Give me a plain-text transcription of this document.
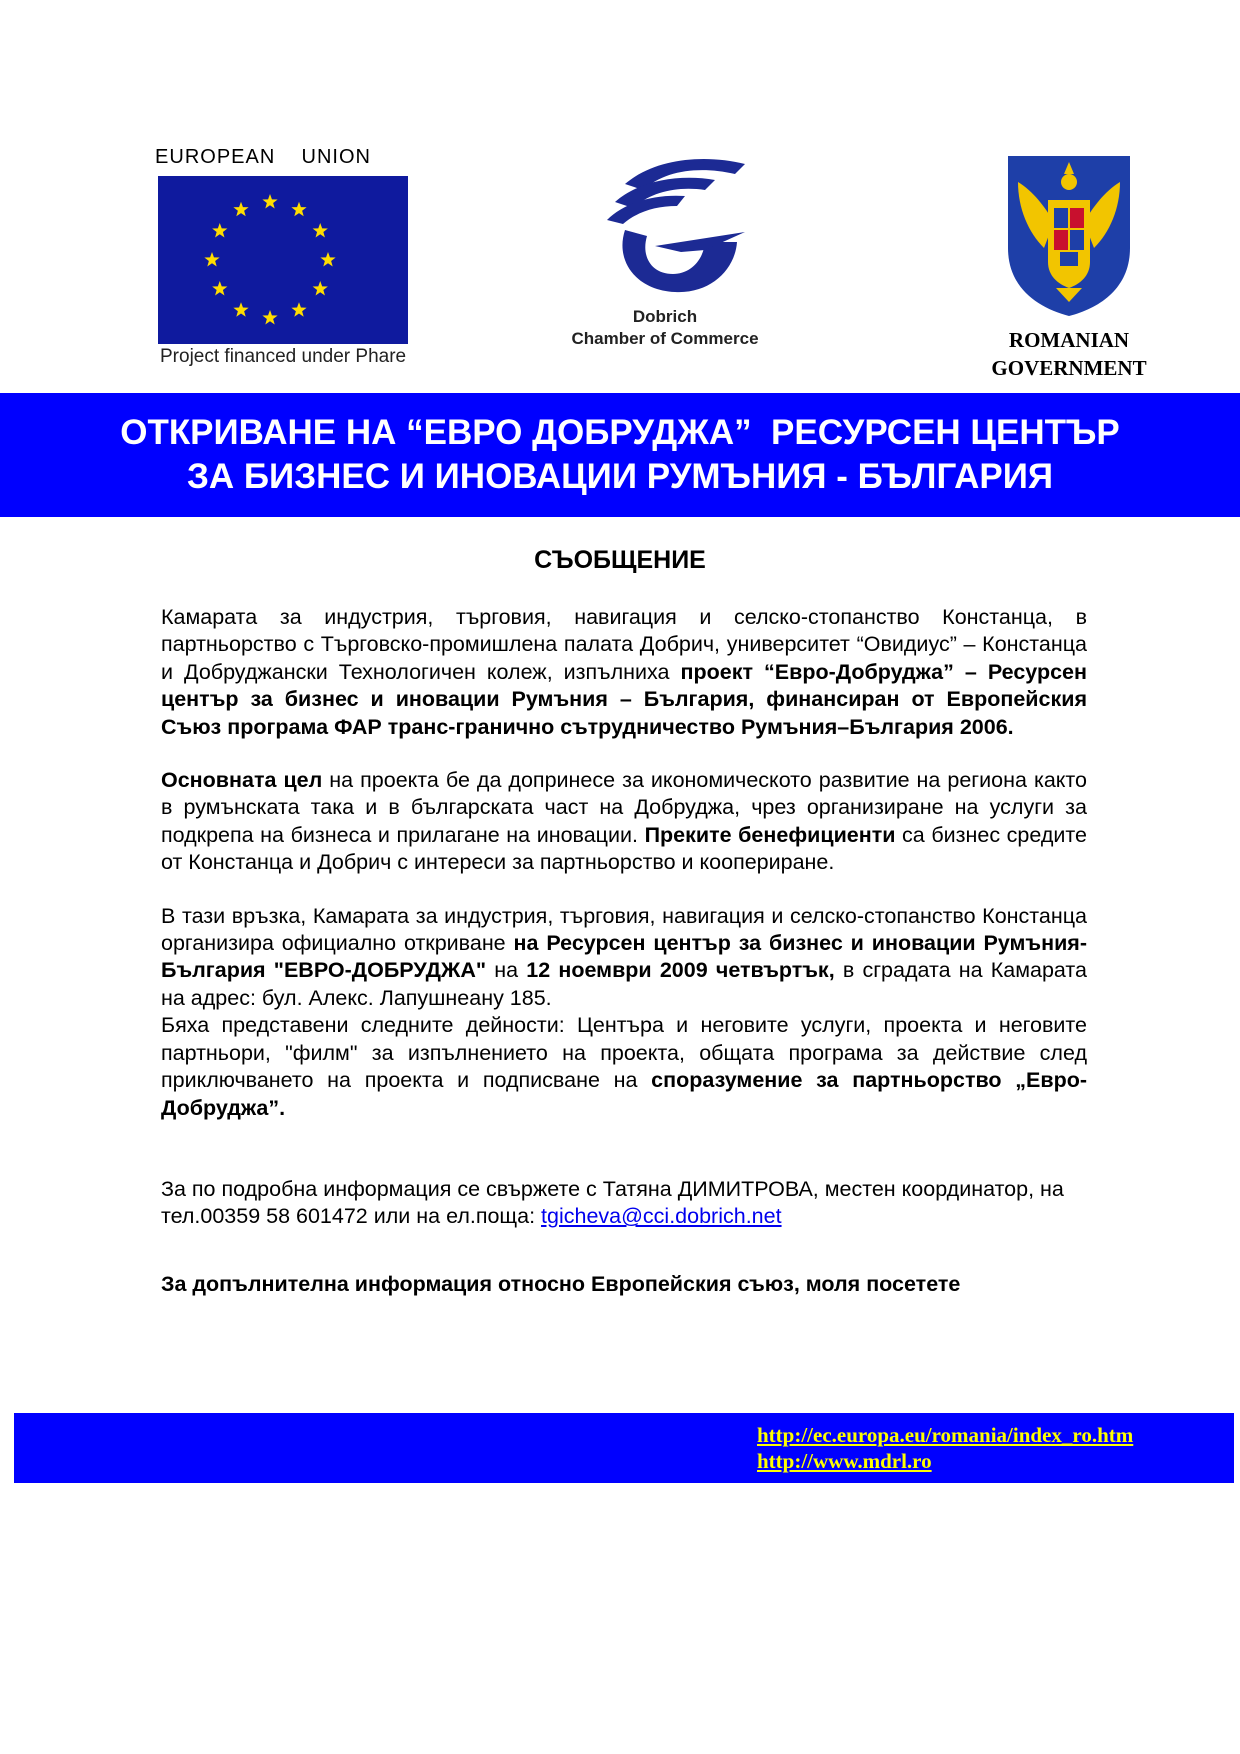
EUROPEAN    UNION
Project financed under Phare
Dobrich
Chamber of Commerce	ROMANIAN
GOVERNMENT
ОТКРИВАНЕ НА “ЕВРО ДОБРУДЖА”  РЕСУРСЕН ЦЕНТЪР
ЗА БИЗНЕС И ИНОВАЦИИ РУМЪНИЯ - БЪЛГАРИЯ
СЪОБЩЕНИЕ

Камарата за индустрия, търговия, навигация и селско-стопанство Констанца, в партньорство с Търговско-промишлена палата Добрич, университет “Овидиус” – Констанца и Добруджански Технологичен колеж, изпълниха проект “Евро-Добруджа” – Ресурсен център за бизнес и иновации Румъния – България, финансиран от Европейския Съюз програма ФАР транс-гранично сътрудничество Румъния–България 2006.

Основната цел на проекта бе да допринесе за икономическото развитие на региона както в румънската така и в българската част на Добруджа, чрез организиране на услуги за подкрепа на бизнеса и прилагане на иновации. Преките бенефициенти са бизнес средите от Констанца и Добрич с интереси за партньорство и коопериране.

В тази връзка, Камарата за индустрия, търговия, навигация и селско-стопанство Констанца организира официално откриване на Ресурсен център за бизнес и иновации Румъния-България "ЕВРО-ДОБРУДЖА" на 12 ноември 2009 четвъртък, в сградата на Камарата на адрес: бул. Алекс. Лапушнеану 185.

Бяха представени следните дейности: Центъра и неговите услуги, проекта и неговите партньори, "филм" за изпълнението на проекта, общата програма за действие след приключването на проекта и подписване на споразумение за партньорство „Евро-Добруджа”.

За по подробна информация се свържете с Татяна ДИМИТРОВА, местен координатор, на тел.00359 58 601472 или на ел.поща: tgicheva@cci.dobrich.net

За допълнителна информация относно Европейския съюз, моля посетете

http://ec.europa.eu/romania/index_ro.htm
http://www.mdrl.ro
